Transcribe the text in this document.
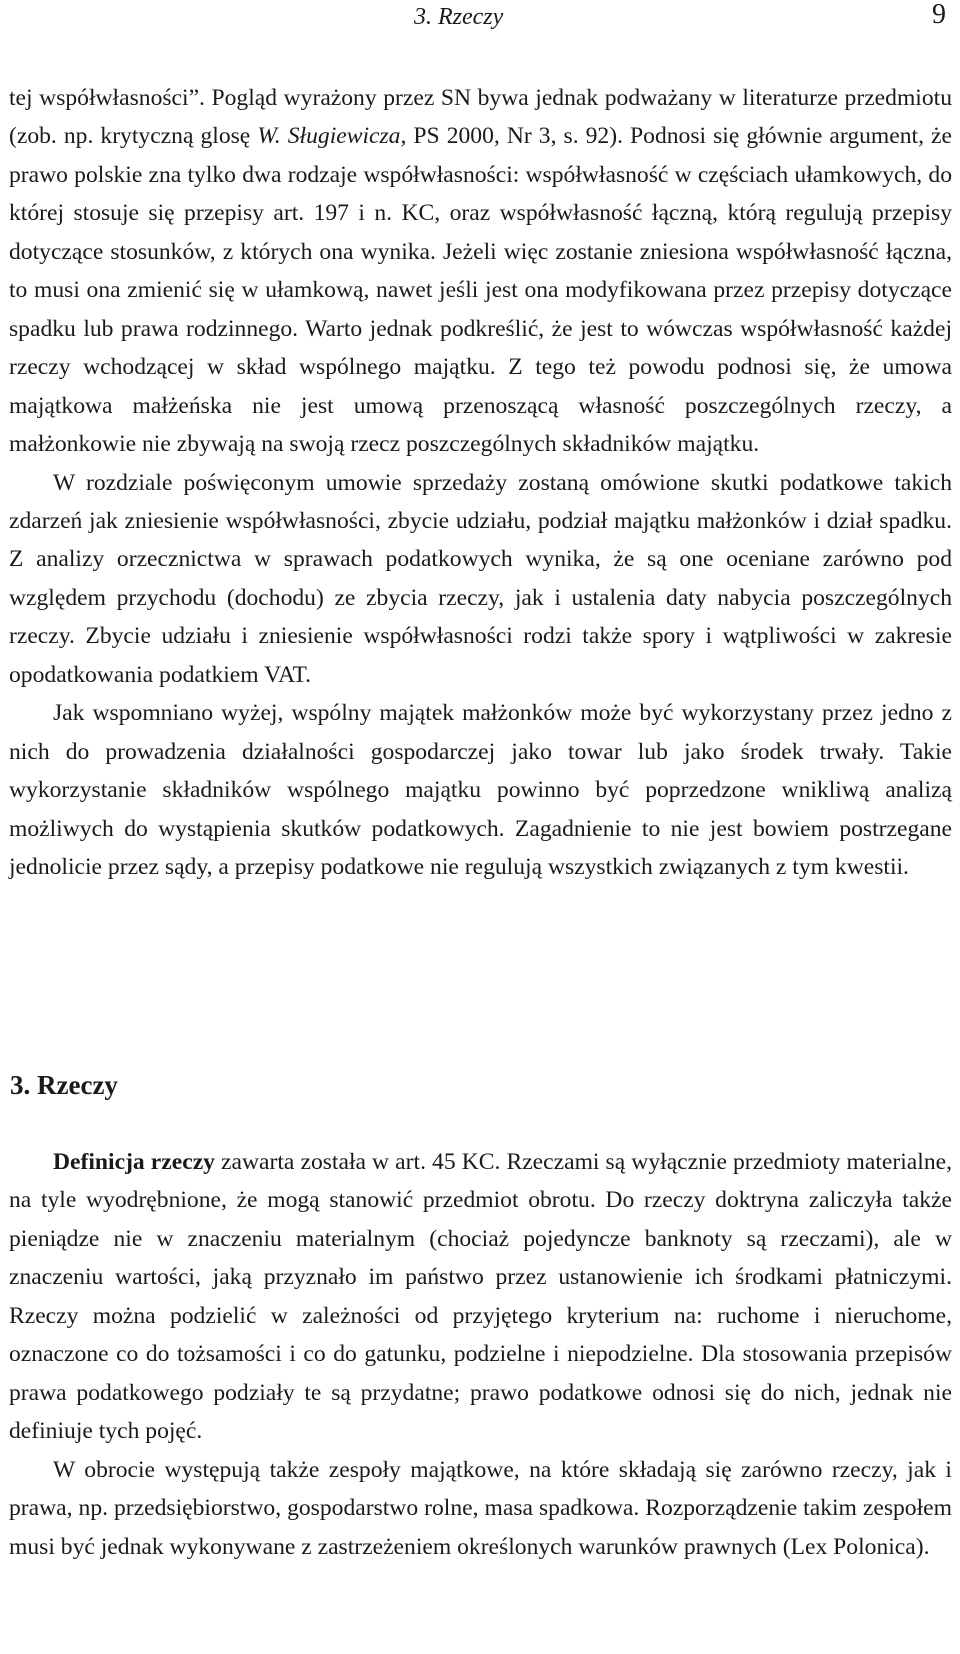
3. Rzeczy	9

tej współwłasności”. Pogląd wyrażony przez SN bywa jednak podważany w literaturze przedmiotu (zob. np. krytyczną glosę W. Sługiewicza, PS 2000, Nr 3, s. 92). Podnosi się głównie argument, że prawo polskie zna tylko dwa rodzaje współwłasności: współwłasność w częściach ułamkowych, do której stosuje się przepisy art. 197 i n. KC, oraz współwłasność łączną, którą regulują przepisy dotyczące stosunków, z których ona wynika. Jeżeli więc zostanie zniesiona współwłasność łączna, to musi ona zmienić się w ułamkową, nawet jeśli jest ona modyfikowana przez przepisy dotyczące spadku lub prawa rodzinnego. Warto jednak podkreślić, że jest to wówczas współwłasność każdej rzeczy wchodzącej w skład wspólnego majątku. Z tego też powodu podnosi się, że umowa majątkowa małżeńska nie jest umową przenoszącą własność poszczególnych rzeczy, a małżonkowie nie zbywają na swoją rzecz poszczególnych składników majątku.

W rozdziale poświęconym umowie sprzedaży zostaną omówione skutki podatkowe takich zdarzeń jak zniesienie współwłasności, zbycie udziału, podział majątku małżonków i dział spadku. Z analizy orzecznictwa w sprawach podatkowych wynika, że są one oceniane zarówno pod względem przychodu (dochodu) ze zbycia rzeczy, jak i ustalenia daty nabycia poszczególnych rzeczy. Zbycie udziału i zniesienie współwłasności rodzi także spory i wątpliwości w zakresie opodatkowania podatkiem VAT.

Jak wspomniano wyżej, wspólny majątek małżonków może być wykorzystany przez jedno z nich do prowadzenia działalności gospodarczej jako towar lub jako środek trwały. Takie wykorzystanie składników wspólnego majątku powinno być poprzedzone wnikliwą analizą możliwych do wystąpienia skutków podatkowych. Zagadnienie to nie jest bowiem postrzegane jednolicie przez sądy, a przepisy podatkowe nie regulują wszystkich związanych z tym kwestii.

3. Rzeczy

Definicja rzeczy zawarta została w art. 45 KC. Rzeczami są wyłącznie przedmioty materialne, na tyle wyodrębnione, że mogą stanowić przedmiot obrotu. Do rzeczy doktryna zaliczyła także pieniądze nie w znaczeniu materialnym (chociaż pojedyncze banknoty są rzeczami), ale w znaczeniu wartości, jaką przyznało im państwo przez ustanowienie ich środkami płatniczymi. Rzeczy można podzielić w zależności od przyjętego kryterium na: ruchome i nieruchome, oznaczone co do tożsamości i co do gatunku, podzielne i niepodzielne. Dla stosowania przepisów prawa podatkowego podziały te są przydatne; prawo podatkowe odnosi się do nich, jednak nie definiuje tych pojęć.

W obrocie występują także zespoły majątkowe, na które składają się zarówno rzeczy, jak i prawa, np. przedsiębiorstwo, gospodarstwo rolne, masa spadkowa. Rozporządzenie takim zespołem musi być jednak wykonywane z zastrzeżeniem określonych warunków prawnych (Lex Polonica).
